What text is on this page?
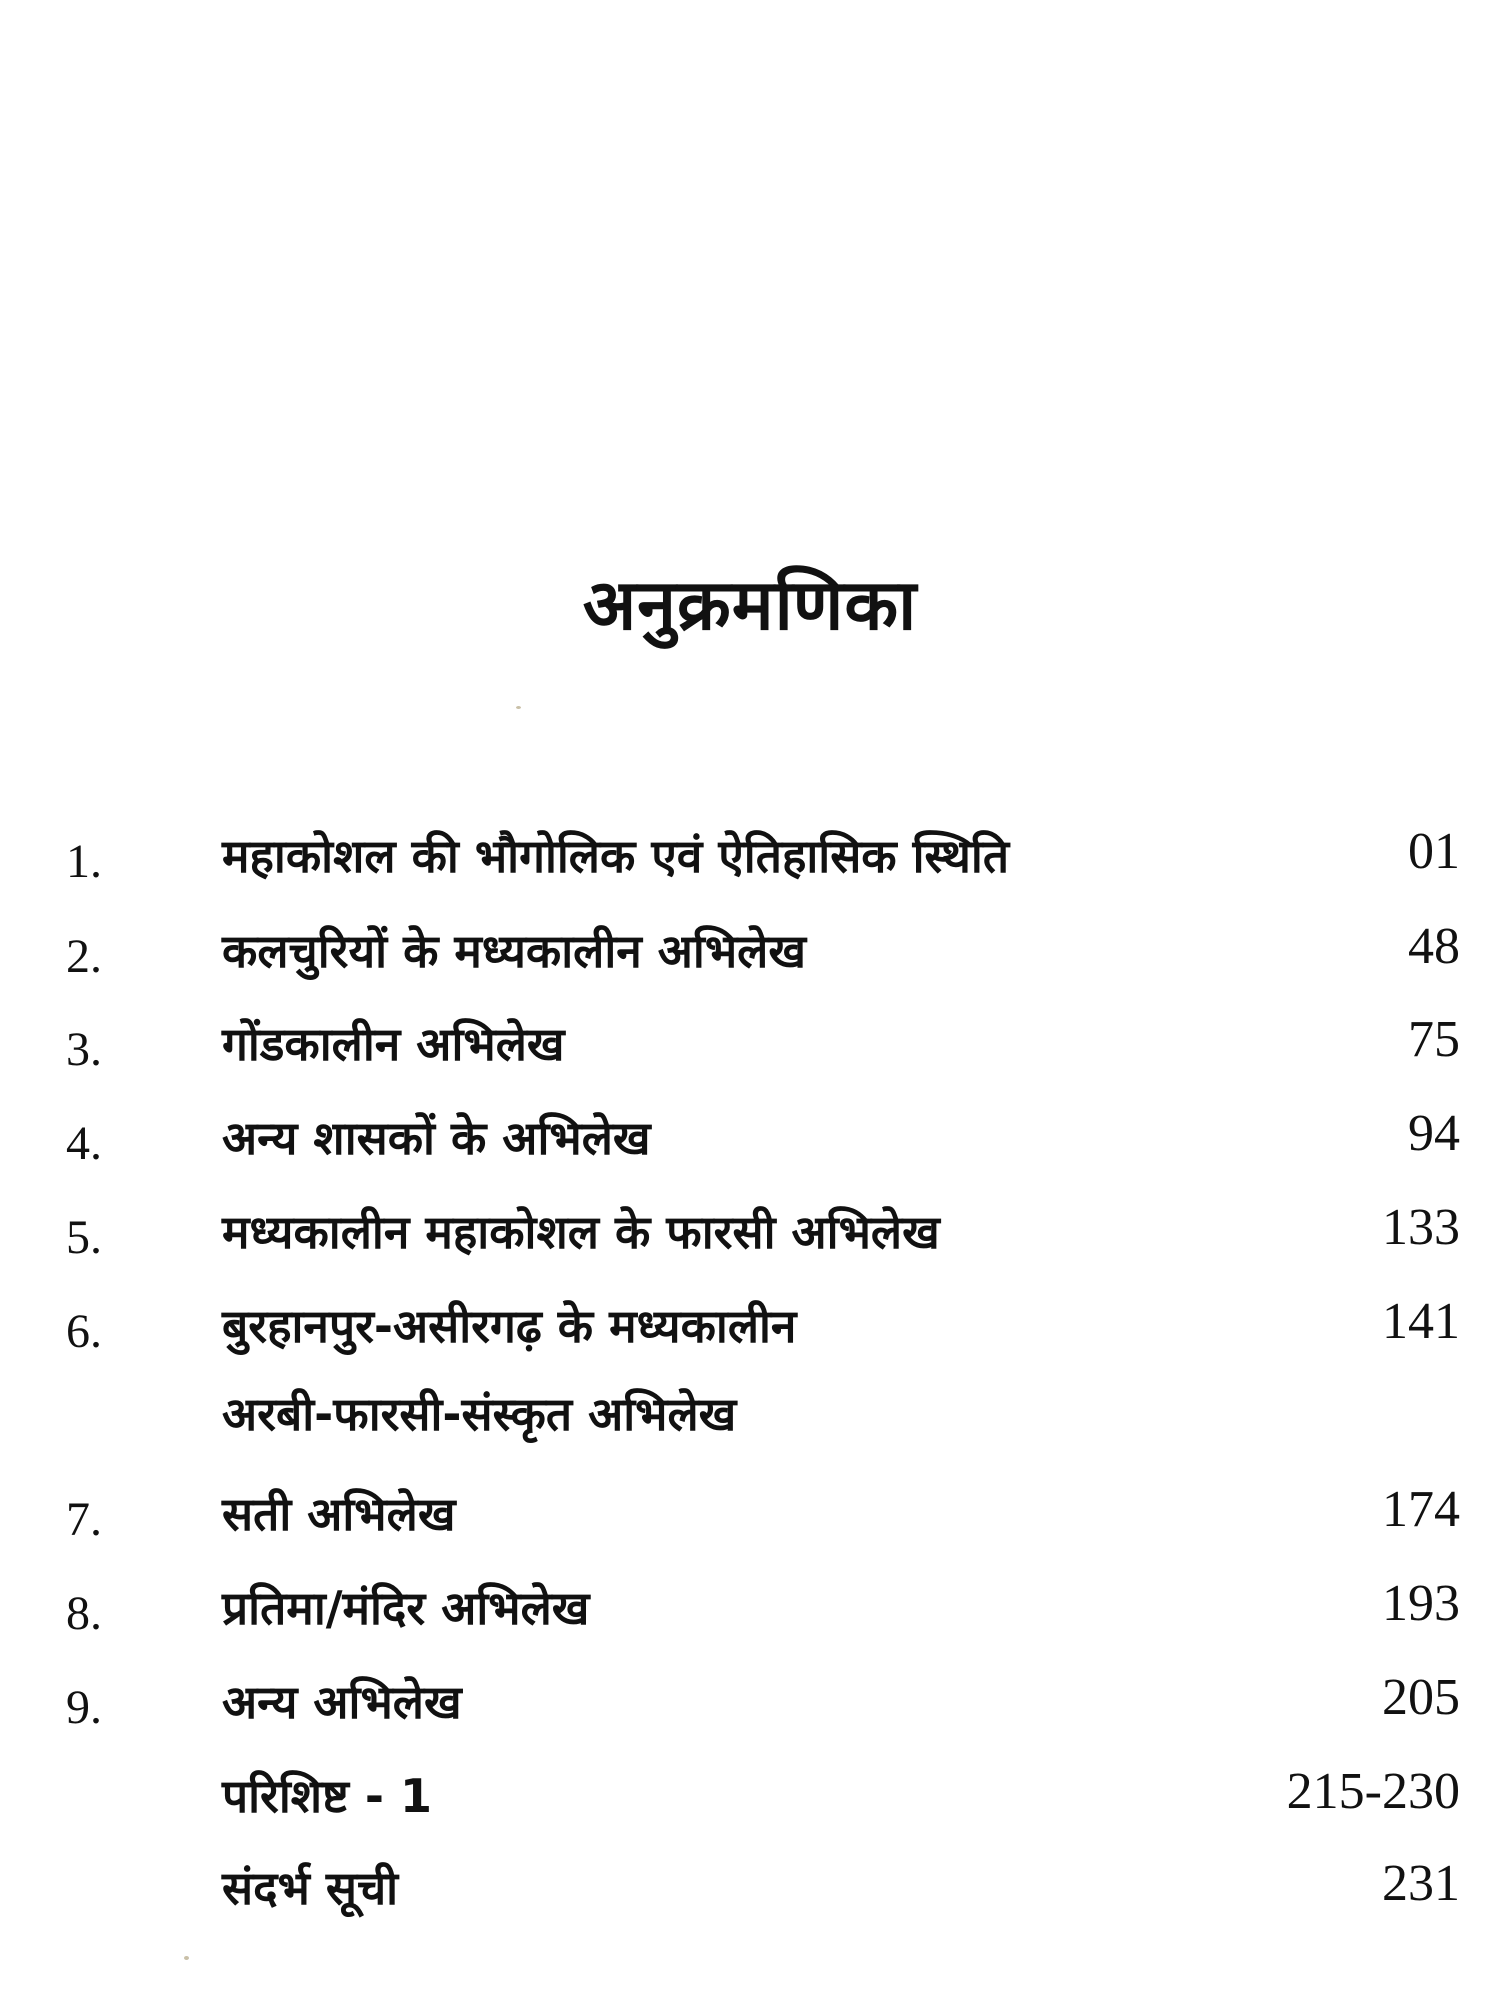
अनुक्रमणिका
1.	महाकोशल की भौगोलिक एवं ऐतिहासिक स्थिति	01
2.	कलचुरियों के मध्यकालीन अभिलेख	48
3.	गोंडकालीन अभिलेख	75
4.	अन्य शासकों के अभिलेख	94
5.	मध्यकालीन महाकोशल के फारसी अभिलेख	133
6.	बुरहानपुर-असीरगढ़ के मध्यकालीन	141
अरबी-फारसी-संस्कृत अभिलेख
7.	सती अभिलेख	174
8.	प्रतिमा/मंदिर अभिलेख	193
9.	अन्य अभिलेख	205
परिशिष्ट - 1	215-230
संदर्भ सूची	231
